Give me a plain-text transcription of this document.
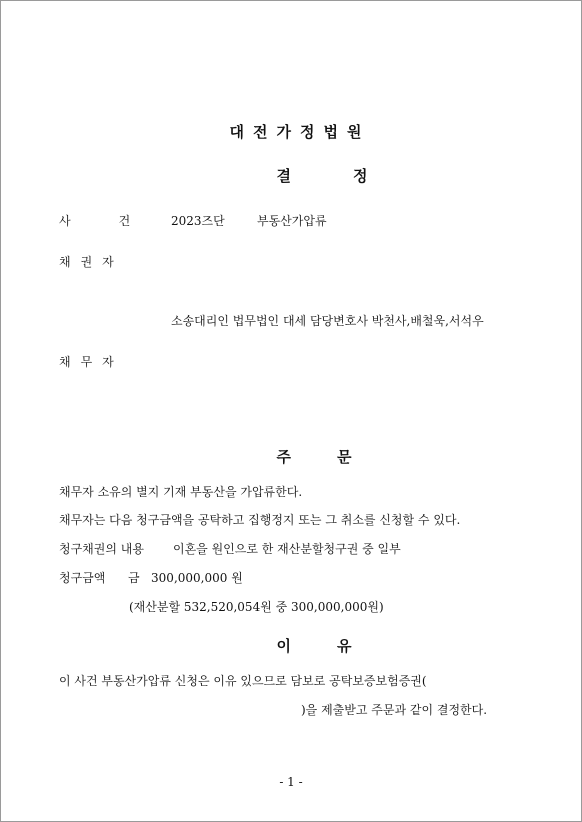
대전가정법원
결정
사건
2023즈단	부동산가압류
채권자
소송대리인 법무법인 대세 담당변호사 박천사,배철욱,서석우
채무자
주문
채무자 소유의 별지 기재 부동산을 가압류한다.
채무자는 다음 청구금액을 공탁하고 집행정지 또는 그 취소를 신청할 수 있다.
청구채권의 내용 이혼을 원인으로 한 재산분할청구권 중 일부
청구금액 금   300,000,000 원
(재산분할 532,520,054원 중 300,000,000원)
이유
이 사건 부동산가압류 신청은 이유 있으므로 담보로 공탁보증보험증권(
)을 제출받고 주문과 같이 결정한다.
- 1 -
